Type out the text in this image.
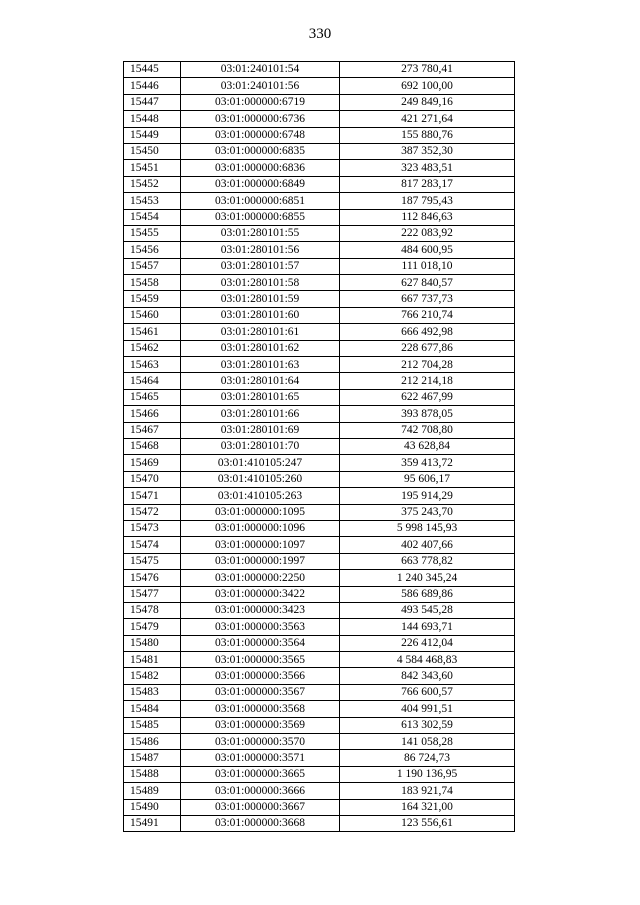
330
15445	03:01:240101:54	273 780,41
15446	03:01:240101:56	692 100,00
15447	03:01:000000:6719	249 849,16
15448	03:01:000000:6736	421 271,64
15449	03:01:000000:6748	155 880,76
15450	03:01:000000:6835	387 352,30
15451	03:01:000000:6836	323 483,51
15452	03:01:000000:6849	817 283,17
15453	03:01:000000:6851	187 795,43
15454	03:01:000000:6855	112 846,63
15455	03:01:280101:55	222 083,92
15456	03:01:280101:56	484 600,95
15457	03:01:280101:57	111 018,10
15458	03:01:280101:58	627 840,57
15459	03:01:280101:59	667 737,73
15460	03:01:280101:60	766 210,74
15461	03:01:280101:61	666 492,98
15462	03:01:280101:62	228 677,86
15463	03:01:280101:63	212 704,28
15464	03:01:280101:64	212 214,18
15465	03:01:280101:65	622 467,99
15466	03:01:280101:66	393 878,05
15467	03:01:280101:69	742 708,80
15468	03:01:280101:70	43 628,84
15469	03:01:410105:247	359 413,72
15470	03:01:410105:260	95 606,17
15471	03:01:410105:263	195 914,29
15472	03:01:000000:1095	375 243,70
15473	03:01:000000:1096	5 998 145,93
15474	03:01:000000:1097	402 407,66
15475	03:01:000000:1997	663 778,82
15476	03:01:000000:2250	1 240 345,24
15477	03:01:000000:3422	586 689,86
15478	03:01:000000:3423	493 545,28
15479	03:01:000000:3563	144 693,71
15480	03:01:000000:3564	226 412,04
15481	03:01:000000:3565	4 584 468,83
15482	03:01:000000:3566	842 343,60
15483	03:01:000000:3567	766 600,57
15484	03:01:000000:3568	404 991,51
15485	03:01:000000:3569	613 302,59
15486	03:01:000000:3570	141 058,28
15487	03:01:000000:3571	86 724,73
15488	03:01:000000:3665	1 190 136,95
15489	03:01:000000:3666	183 921,74
15490	03:01:000000:3667	164 321,00
15491	03:01:000000:3668	123 556,61
